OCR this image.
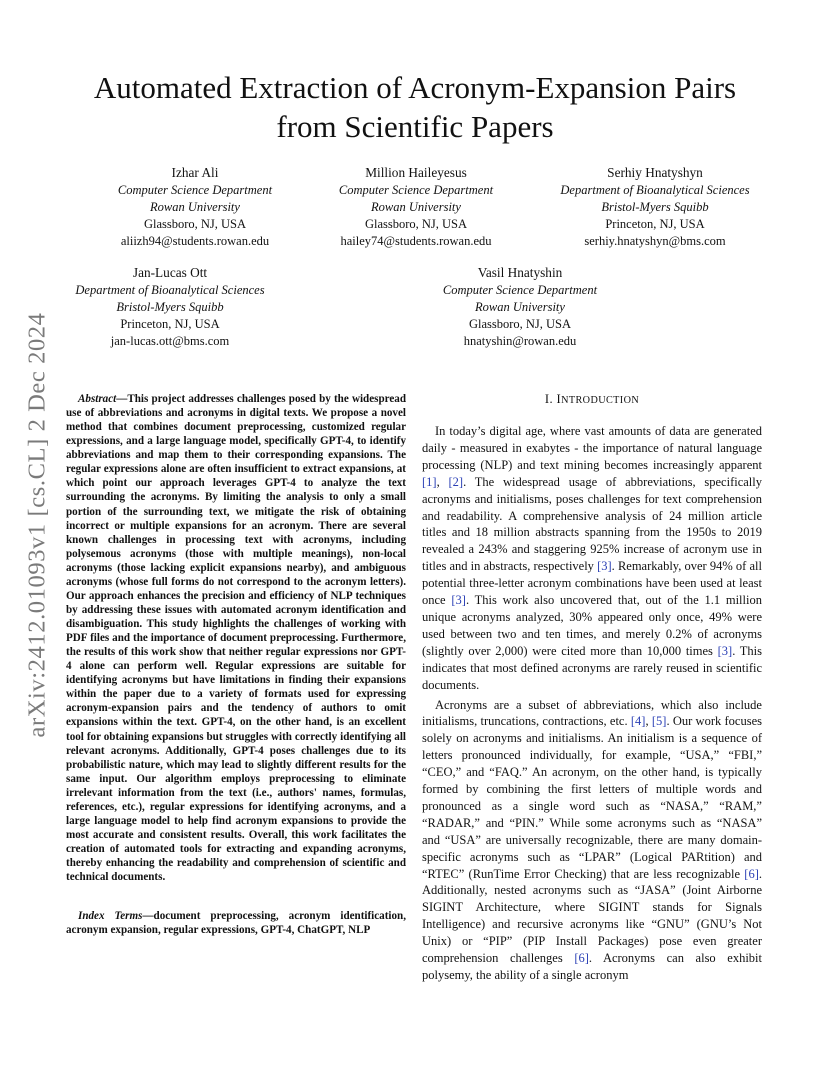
arXiv:2412.01093v1 [cs.CL] 2 Dec 2024
Automated Extraction of Acronym-Expansion Pairs
from Scientific Papers
Izhar Ali
Computer Science Department
Rowan University
Glassboro, NJ, USA
aliizh94@students.rowan.edu
Million Haileyesus
Computer Science Department
Rowan University
Glassboro, NJ, USA
hailey74@students.rowan.edu
Serhiy Hnatyshyn
Department of Bioanalytical Sciences
Bristol-Myers Squibb
Princeton, NJ, USA
serhiy.hnatyshyn@bms.com
Jan-Lucas Ott
Department of Bioanalytical Sciences
Bristol-Myers Squibb
Princeton, NJ, USA
jan-lucas.ott@bms.com
Vasil Hnatyshin
Computer Science Department
Rowan University
Glassboro, NJ, USA
hnatyshin@rowan.edu

Abstract—This project addresses challenges posed by the widespread use of abbreviations and acronyms in digital texts. We propose a novel method that combines document preprocessing, customized regular expressions, and a large language model, specifically GPT-4, to identify abbreviations and map them to their corresponding expansions. The regular expressions alone are often insufficient to extract expansions, at which point our approach leverages GPT-4 to analyze the text surrounding the acronyms. By limiting the analysis to only a small portion of the surrounding text, we mitigate the risk of obtaining incorrect or multiple expansions for an acronym. There are several known challenges in processing text with acronyms, including polysemous acronyms (those with multiple meanings), non-local acronyms (those lacking explicit expansions nearby), and ambiguous acronyms (whose full forms do not correspond to the acronym letters). Our approach enhances the precision and efficiency of NLP techniques by addressing these issues with automated acronym identification and disambiguation. This study highlights the challenges of working with PDF files and the importance of document preprocessing. Furthermore, the results of this work show that neither regular expressions nor GPT-4 alone can perform well. Regular expressions are suitable for identifying acronyms but have limitations in finding their expansions within the paper due to a variety of formats used for expressing acronym-expansion pairs and the tendency of authors to omit expansions within the text. GPT-4, on the other hand, is an excellent tool for obtaining expansions but struggles with correctly identifying all relevant acronyms. Additionally, GPT-4 poses challenges due to its probabilistic nature, which may lead to slightly different results for the same input. Our algorithm employs preprocessing to eliminate irrelevant information from the text (i.e., authors' names, formulas, references, etc.), regular expressions for identifying acronyms, and a large language model to help find acronym expansions to provide the most accurate and consistent results. Overall, this work facilitates the creation of automated tools for extracting and expanding acronyms, thereby enhancing the readability and comprehension of scientific and technical documents.

Index Terms—document preprocessing, acronym identification, acronym expansion, regular expressions, GPT-4, ChatGPT, NLP

I. INTRODUCTION

In today’s digital age, where vast amounts of data are generated daily - measured in exabytes - the importance of natural language processing (NLP) and text mining becomes increasingly apparent [1], [2]. The widespread usage of abbreviations, specifically acronyms and initialisms, poses challenges for text comprehension and readability. A comprehensive analysis of 24 million article titles and 18 million abstracts spanning from the 1950s to 2019 revealed a 243% and staggering 925% increase of acronym use in titles and in abstracts, respectively [3]. Remarkably, over 94% of all potential three-letter acronym combinations have been used at least once [3]. This work also uncovered that, out of the 1.1 million unique acronyms analyzed, 30% appeared only once, 49% were used between two and ten times, and merely 0.2% of acronyms (slightly over 2,000) were cited more than 10,000 times [3]. This indicates that most defined acronyms are rarely reused in scientific documents.

Acronyms are a subset of abbreviations, which also include initialisms, truncations, contractions, etc. [4], [5]. Our work focuses solely on acronyms and initialisms. An initialism is a sequence of letters pronounced individually, for example, “USA,” “FBI,” “CEO,” and “FAQ.” An acronym, on the other hand, is typically formed by combining the first letters of multiple words and pronounced as a single word such as “NASA,” “RAM,” “RADAR,” and “PIN.” While some acronyms such as “NASA” and “USA” are universally recognizable, there are many domain-specific acronyms such as “LPAR” (Logical PARtition) and “RTEC” (RunTime Error Checking) that are less recognizable [6]. Additionally, nested acronyms such as “JASA” (Joint Airborne SIGINT Architecture, where SIGINT stands for Signals Intelligence) and recursive acronyms like “GNU” (GNU’s Not Unix) or “PIP” (PIP Install Packages) pose even greater comprehension challenges [6]. Acronyms can also exhibit polysemy, the ability of a single acronym
